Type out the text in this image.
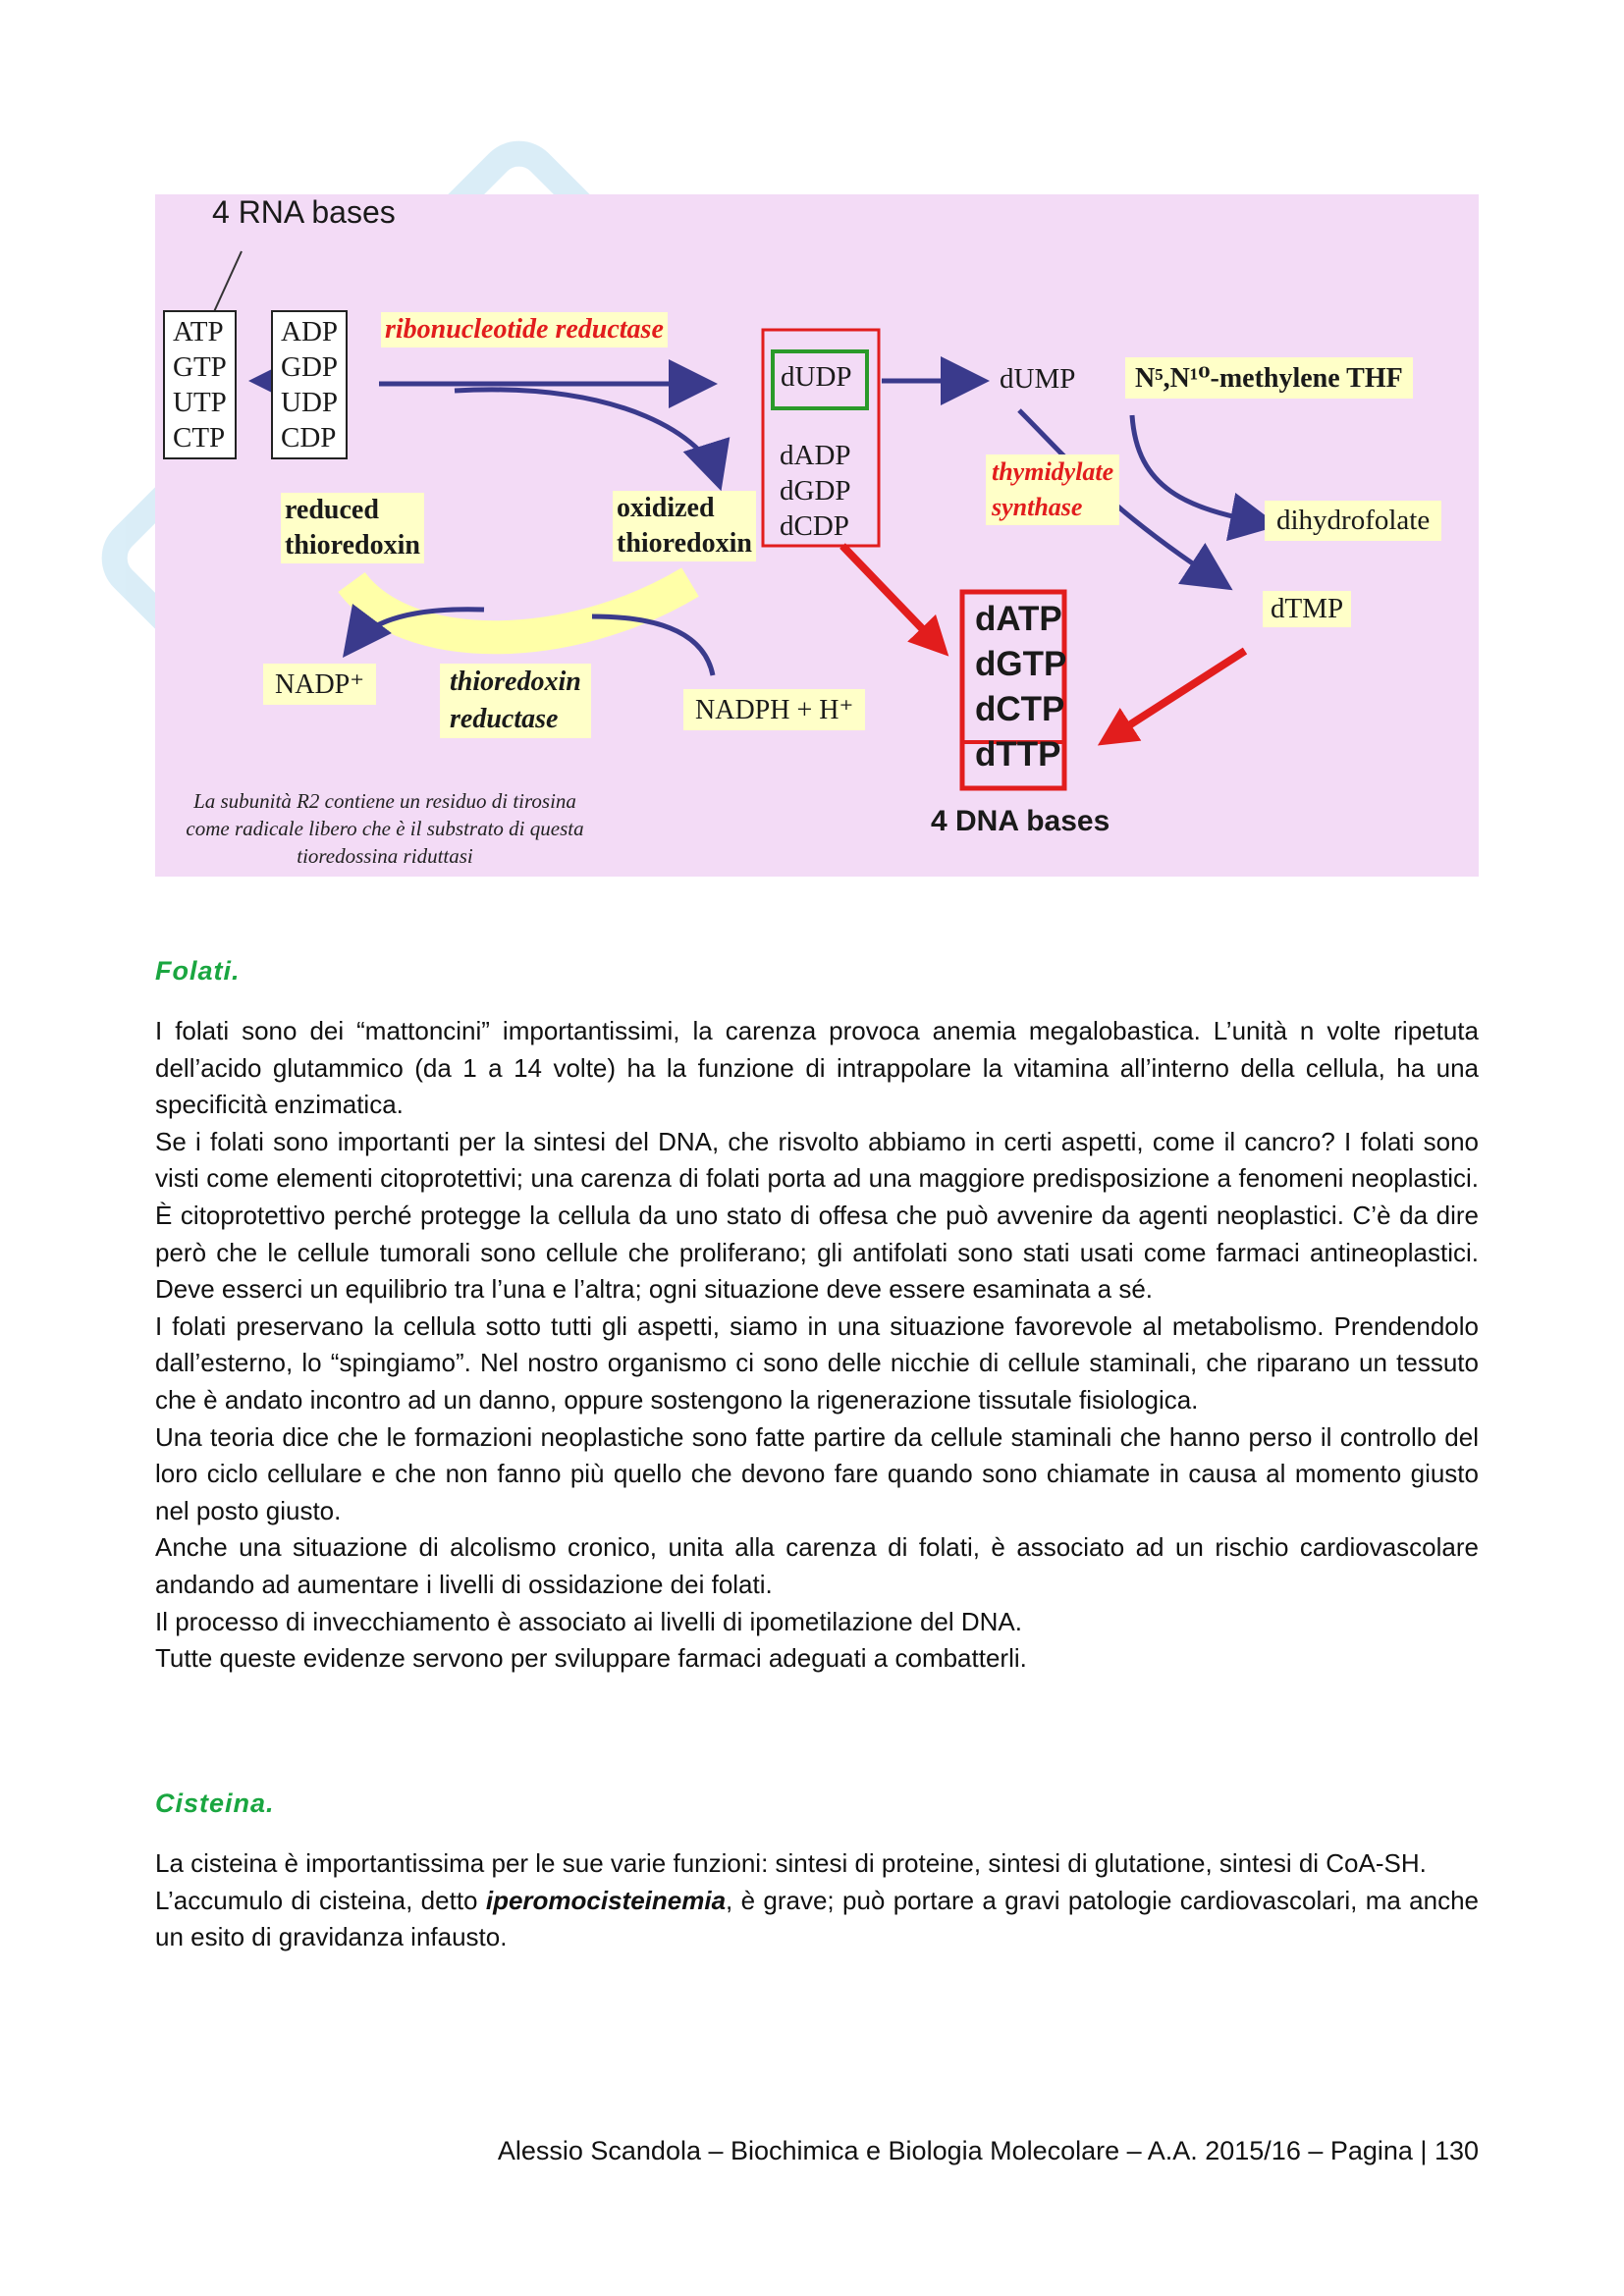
4 RNA bases
ATP
GTP
UTP
CTP
ADP
GDP
UDP
CDP
ribonucleotide reductase
dUDP
dADP
dGDP
dCDP
dUMP	N⁵,N¹⁰-methylene THF
thymidylate
synthase	dihydrofolate
dTMP
reduced
thioredoxin
oxidized
thioredoxin
NADP⁺	thioredoxin
reductase	NADPH + H⁺
dATP
dGTP
dCTP
dTTP
4 DNA bases
La subunità R2 contiene un residuo di tirosina
come radicale libero che è il substrato di questa
tioredossina riduttasi
Folati.
I folati sono dei “mattoncini” importantissimi, la carenza provoca anemia megalobastica. L’unità n volte ripetuta dell’acido glutammico (da 1 a 14 volte) ha la funzione di intrappolare la vitamina all’interno della cellula, ha una specificità enzimatica.
Se i folati sono importanti per la sintesi del DNA, che risvolto abbiamo in certi aspetti, come il cancro? I folati sono visti come elementi citoprotettivi; una carenza di folati porta ad una maggiore predisposizione a fenomeni neoplastici. È citoprotettivo perché protegge la cellula da uno stato di offesa che può avvenire da agenti neoplastici. C’è da dire però che le cellule tumorali sono cellule che proliferano; gli antifolati sono stati usati come farmaci antineoplastici. Deve esserci un equilibrio tra l’una e l’altra; ogni situazione deve essere esaminata a sé.
I folati preservano la cellula sotto tutti gli aspetti, siamo in una situazione favorevole al metabolismo. Prendendolo dall’esterno, lo “spingiamo”. Nel nostro organismo ci sono delle nicchie di cellule staminali, che riparano un tessuto che è andato incontro ad un danno, oppure sostengono la rigenerazione tissutale fisiologica.
Una teoria dice che le formazioni neoplastiche sono fatte partire da cellule staminali che hanno perso il controllo del loro ciclo cellulare e che non fanno più quello che devono fare quando sono chiamate in causa al momento giusto nel posto giusto.
Anche una situazione di alcolismo cronico, unita alla carenza di folati, è associato ad un rischio cardiovascolare andando ad aumentare i livelli di ossidazione dei folati.
Il processo di invecchiamento è associato ai livelli di ipometilazione del DNA.
Tutte queste evidenze servono per sviluppare farmaci adeguati a combatterli.
Cisteina.
La cisteina è importantissima per le sue varie funzioni: sintesi di proteine, sintesi di glutatione, sintesi di CoA-SH.
L’accumulo di cisteina, detto iperomocisteinemia, è grave; può portare a gravi patologie cardiovascolari, ma anche un esito di gravidanza infausto.
Alessio Scandola – Biochimica e Biologia Molecolare – A.A. 2015/16 – Pagina | 130
